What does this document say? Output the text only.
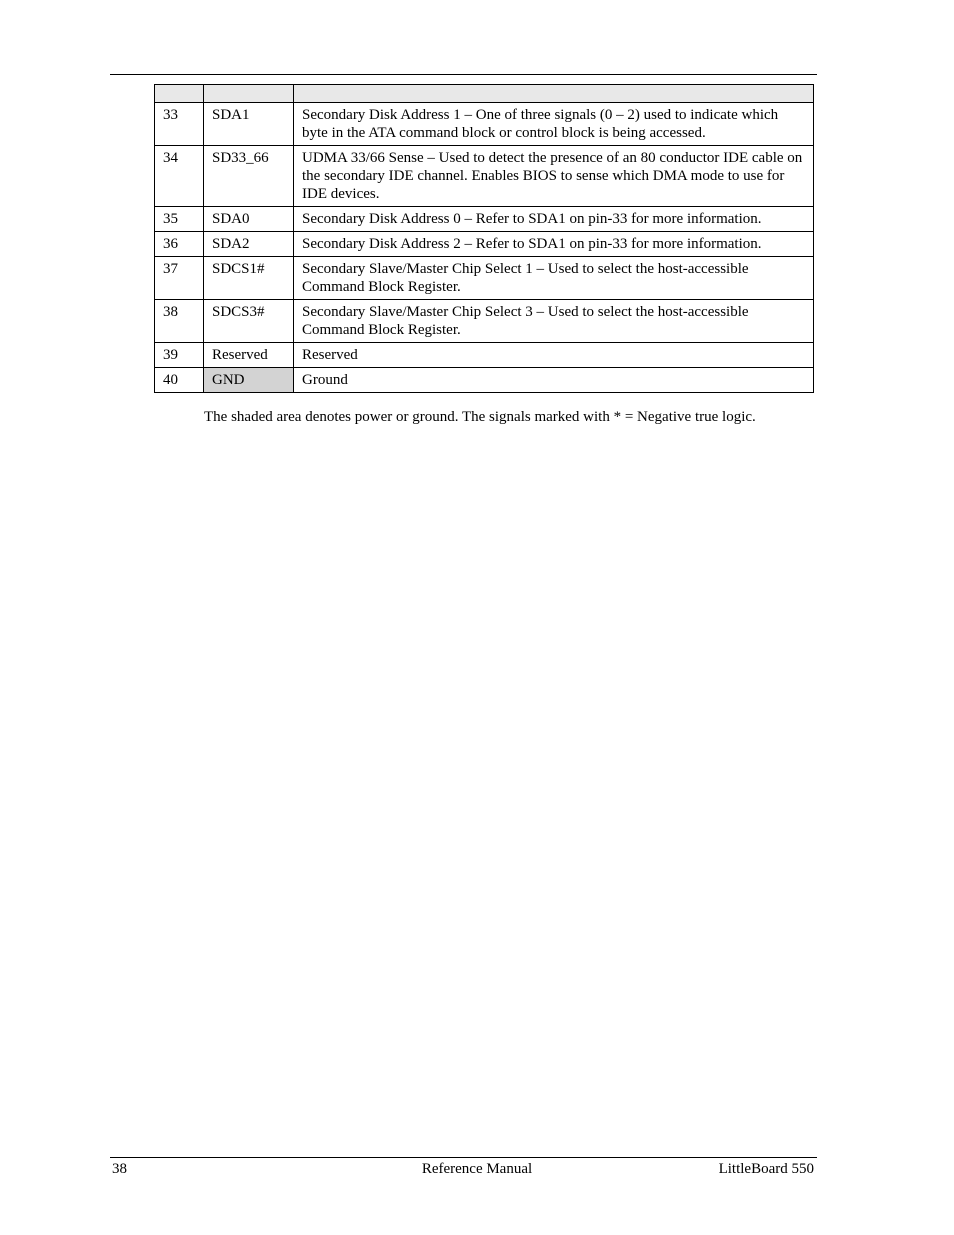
33	SDA1	Secondary Disk Address 1 – One of three signals (0 – 2) used to indicate which byte in the ATA command block or control block is being accessed.
34	SD33_66	UDMA 33/66 Sense – Used to detect the presence of an 80 conductor IDE cable on the secondary IDE channel. Enables BIOS to sense which DMA mode to use for IDE devices.
35	SDA0	Secondary Disk Address 0 – Refer to SDA1 on pin-33 for more information.
36	SDA2	Secondary Disk Address 2 – Refer to SDA1 on pin-33 for more information.
37	SDCS1#	Secondary Slave/Master Chip Select 1 – Used to select the host-accessible Command Block Register.
38	SDCS3#	Secondary Slave/Master Chip Select 3 – Used to select the host-accessible Command Block Register.
39	Reserved	Reserved
40	GND	Ground
The shaded area denotes power or ground. The signals marked with * = Negative true logic.
38	Reference Manual	LittleBoard 550
